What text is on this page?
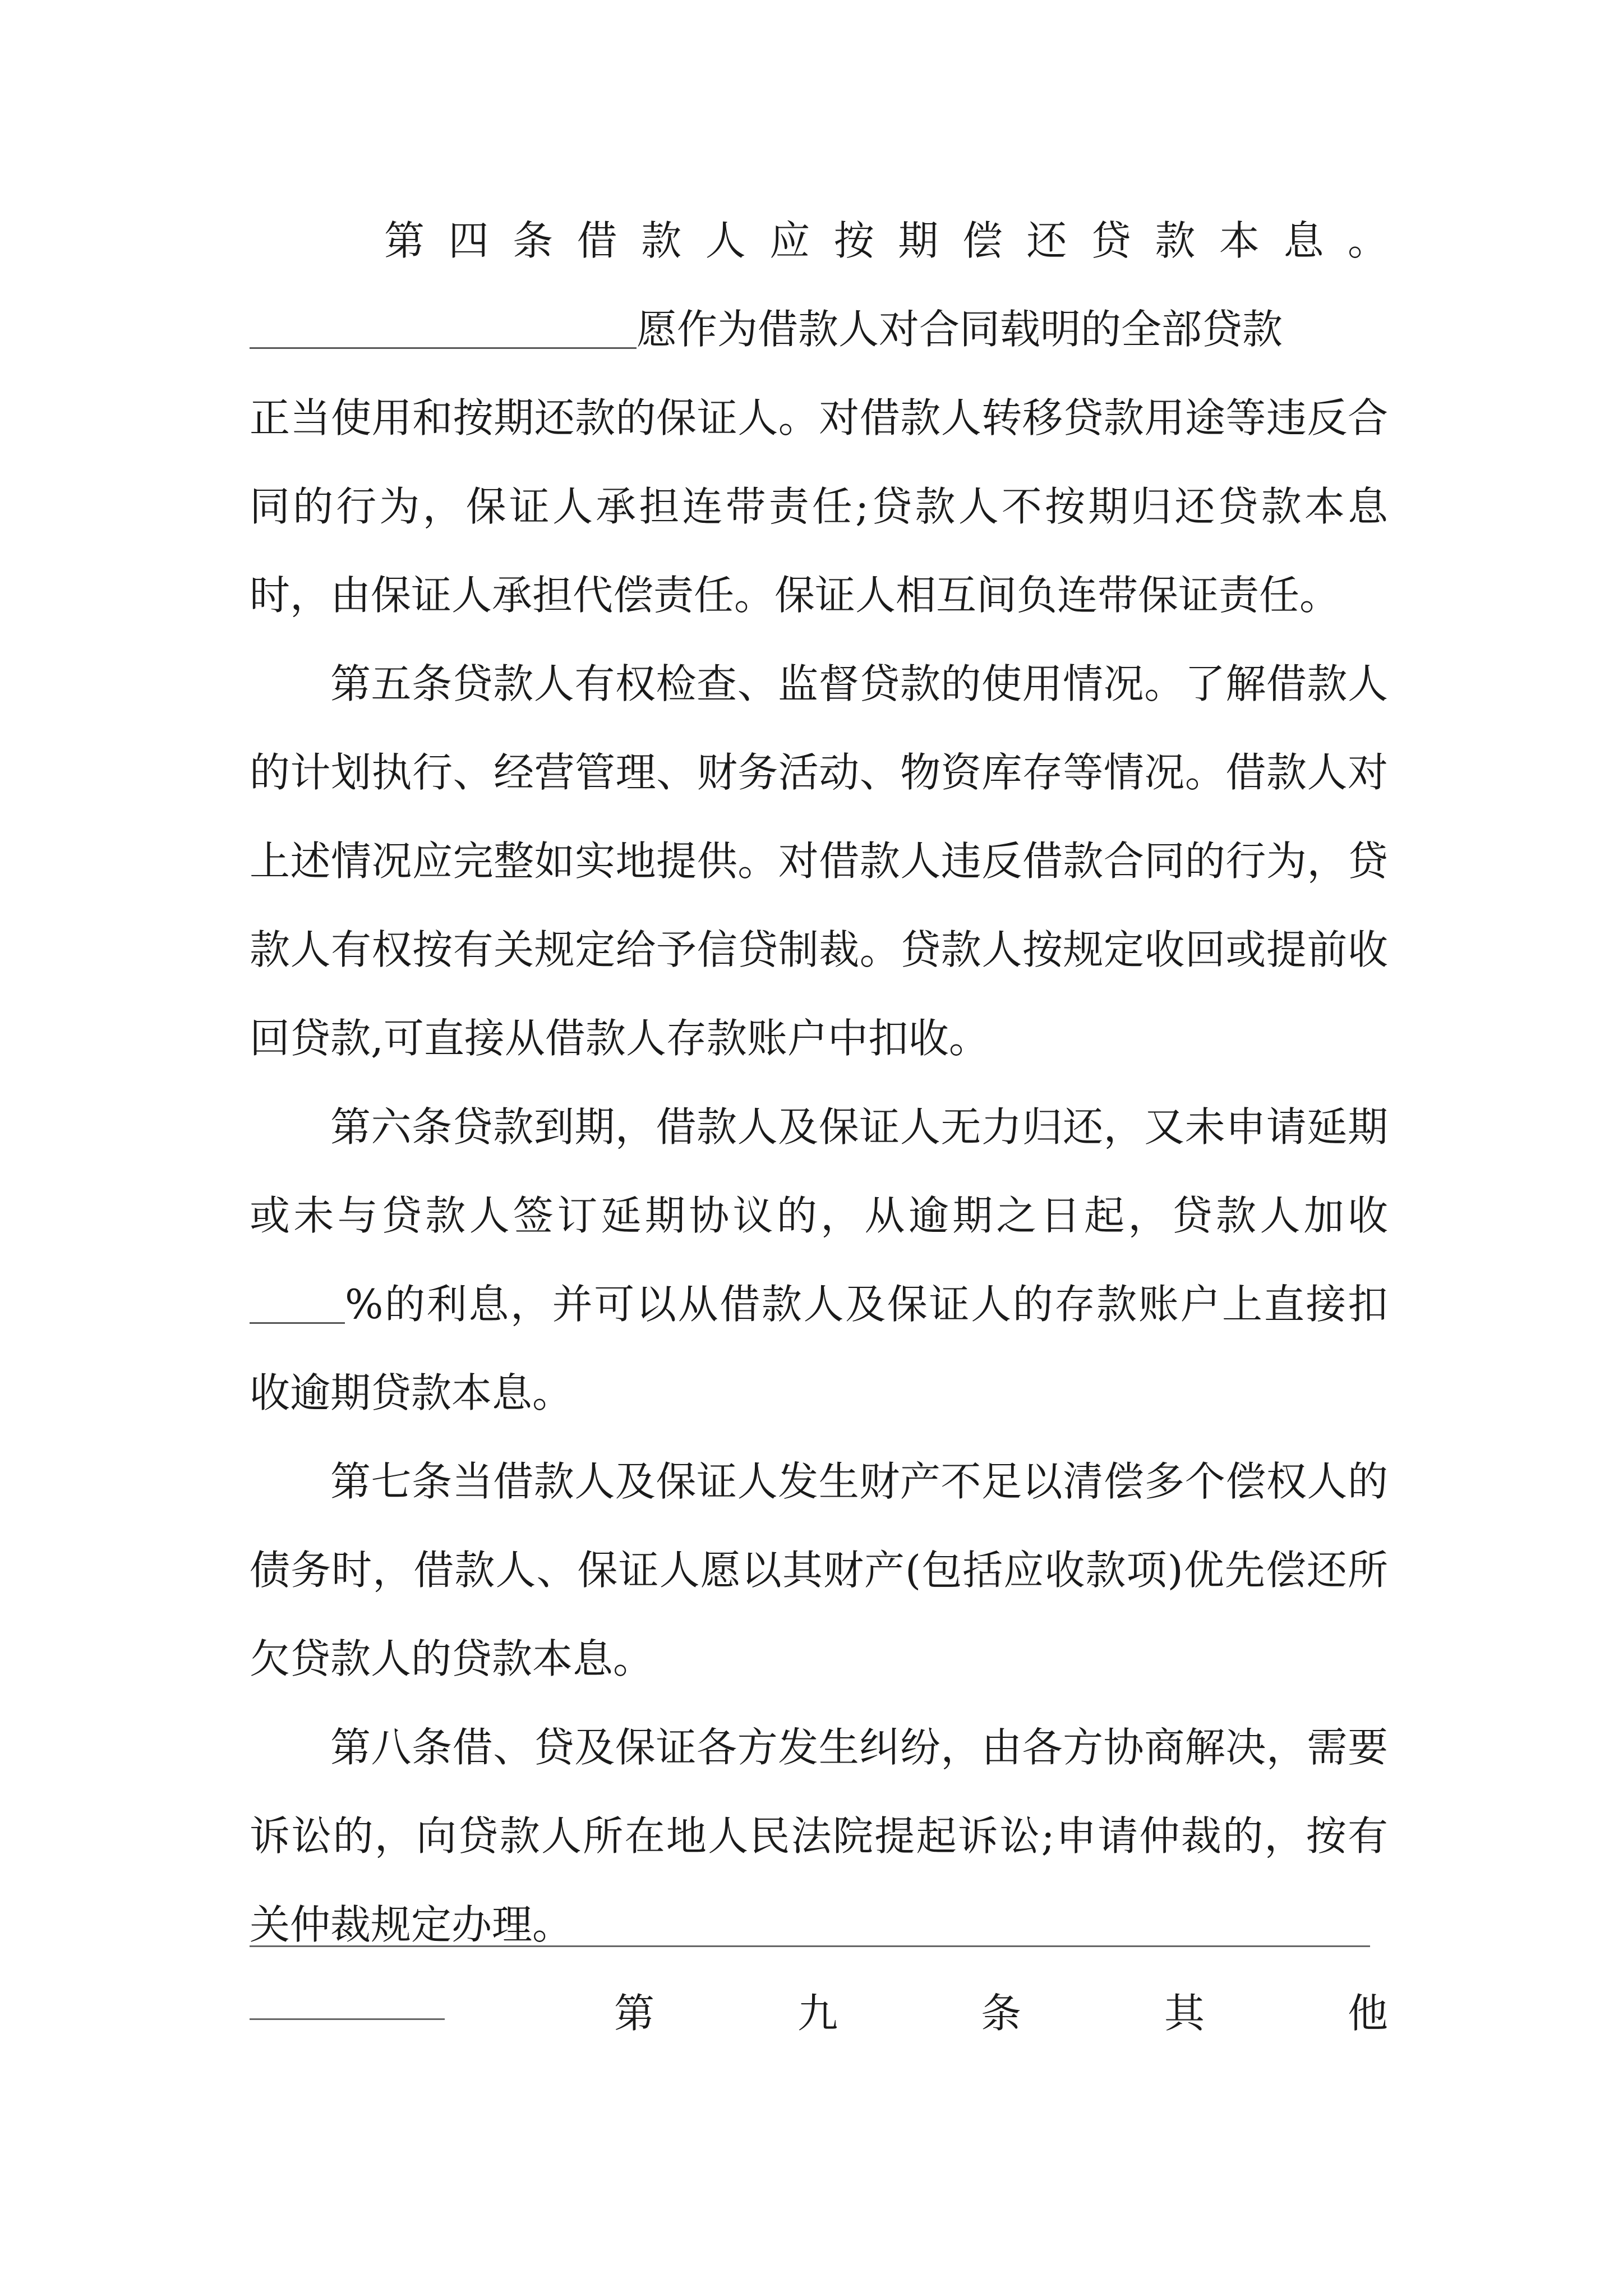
第 四 条 借 款 人 应 按 期 偿 还 贷 款 本 息 。
愿作为借款人对合同载明的全部贷款

正当使用和按期还款的保证人。对借款人转移贷款用途等违反合同的行为，保证人承担连带责任;贷款人不按期归还贷款本息时，由保证人承担代偿责任。保证人相互间负连带保证责任。

第五条贷款人有权检查、监督贷款的使用情况。了解借款人的计划执行、经营管理、财务活动、物资库存等情况。借款人对上述情况应完整如实地提供。对借款人违反借款合同的行为，贷款人有权按有关规定给予信贷制裁。贷款人按规定收回或提前收回贷款,可直接从借款人存款账户中扣收。

第六条贷款到期，借款人及保证人无力归还，又未申请延期或未与贷款人签订延期协议的，从逾期之日起，贷款人加收%的利息，并可以从借款人及保证人的存款账户上直接扣收逾期贷款本息。

第七条当借款人及保证人发生财产不足以清偿多个偿权人的债务时，借款人、保证人愿以其财产(包括应收款项)优先偿还所欠贷款人的贷款本息。

第八条借、贷及保证各方发生纠纷，由各方协商解决，需要诉讼的，向贷款人所在地人民法院提起诉讼;申请仲裁的，按有关仲裁规定办理。

第	九	条	其	他
